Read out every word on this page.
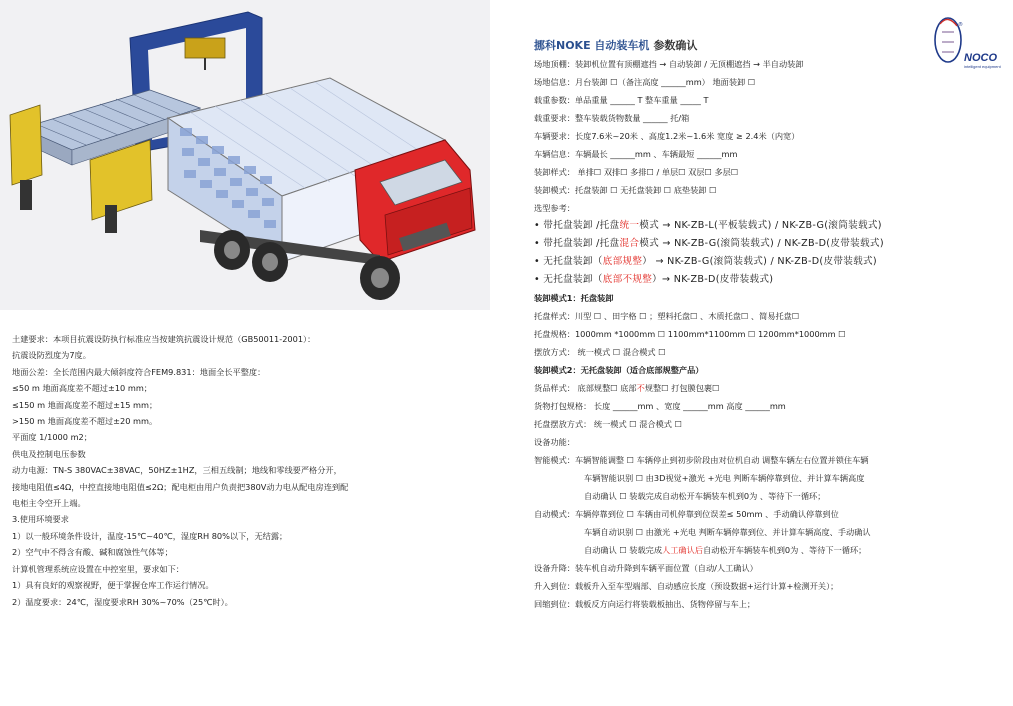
土建要求：本项目抗震设防执行标准应当按建筑抗震设计规范（GB50011-2001）：
抗震设防烈度为7度。
地面公差：全长范围内最大倾斜度符合FEM9.831：地面全长平整度：
≤50 m 地面高度差不超过±10 mm；
≤150 m 地面高度差不超过±15 mm；
>150 m 地面高度差不超过±20 mm。
平面度 1/1000 m2；
供电及控制电压参数
动力电源：TN-S 380VAC±38VAC，50HZ±1HZ，三相五线制；地线和零线要严格分开，
接地电阻值≤4Ω，中控直接地电阻值≤2Ω；配电柜由用户负责把380V动力电从配电房连到配
电柜主令空开上端。
3.使用环境要求
1）以一般环境条件设计，温度-15℃~40℃，湿度RH 80%以下，无结露；
2）空气中不得含有酸、碱和腐蚀性气体等；
计算机管理系统应设置在中控室里，要求如下：
1）具有良好的观察视野，便于掌握仓库工作运行情况。
2）温度要求：24℃，湿度要求RH 30%~70%（25℃时）。
®
NOCO
intelligent equipment
挪科NOKE 自动装车机 参数确认
场地顶棚：装卸机位置有顶棚遮挡 → 自动装卸 / 无顶棚遮挡 → 半自动装卸
场地信息：月台装卸 ☐（备注高度 ______mm） 地面装卸 ☐
载重参数：单品重量 ______ T 整车重量 _____ T
载重要求：整车装载货物数量 ______ 托/箱
车辆要求：长度7.6米~20米 、高度1.2米~1.6米 宽度 ≥ 2.4米（内宽）
车辆信息：车辆最长 ______mm 、车辆最短 ______mm
装卸样式： 单排☐ 双排☐ 多排☐ / 单层☐ 双层☐ 多层☐
装卸模式：托盘装卸 ☐ 无托盘装卸 ☐ 底垫装卸 ☐
选型参考：
• 带托盘装卸 /托盘统一模式 → NK-ZB-L(平板装载式) / NK-ZB-G(滚筒装载式)
• 带托盘装卸 /托盘混合模式 → NK-ZB-G(滚筒装载式) / NK-ZB-D(皮带装载式)
• 无托盘装卸（底部规整） → NK-ZB-G(滚筒装载式) / NK-ZB-D(皮带装载式)
• 无托盘装卸（底部不规整）→ NK-ZB-D(皮带装载式)
装卸模式1：托盘装卸
托盘样式：川型 ☐ 、田字格 ☐ ；塑料托盘☐ 、木质托盘☐ 、简易托盘☐
托盘规格：1000mm *1000mm ☐ 1100mm*1100mm ☐ 1200mm*1000mm ☐
摆放方式： 统一模式 ☐ 混合模式 ☐
装卸模式2：无托盘装卸（适合底部规整产品）
货品样式： 底部规整☐ 底部不规整☐ 打包膜包裹☐
货物打包规格： 长度 ______mm 、宽度 ______mm 高度 ______mm
托盘摆放方式： 统一模式 ☐ 混合模式 ☐
设备功能：
智能模式：车辆智能调整 ☐ 车辆停止到初步阶段由对位机自动 调整车辆左右位置并锁住车辆
车辆智能识别 ☐ 由3D视觉+激光 +光电 判断车辆停靠到位、并计算车辆高度
自动确认 ☐ 装载完成自动松开车辆装车机到0为 、等待下一循环；
自动模式：车辆停靠到位 ☐ 车辆由司机停靠到位误差≤ 50mm 、手动确认停靠到位
车辆自动识别 ☐ 由激光 +光电 判断车辆停靠到位、并计算车辆高度、手动确认
自动确认 ☐ 装载完成人工确认后自动松开车辆装车机到0为 、等待下一循环；
设备升降：装车机自动升降到车辆平面位置（自动/人工确认）
升入到位：载板升入至车型端部、自动感应长度（预设数据+运行计算+检测开关）；
回缩到位：载板反方向运行将装载板抽出、货物停留与车上；
